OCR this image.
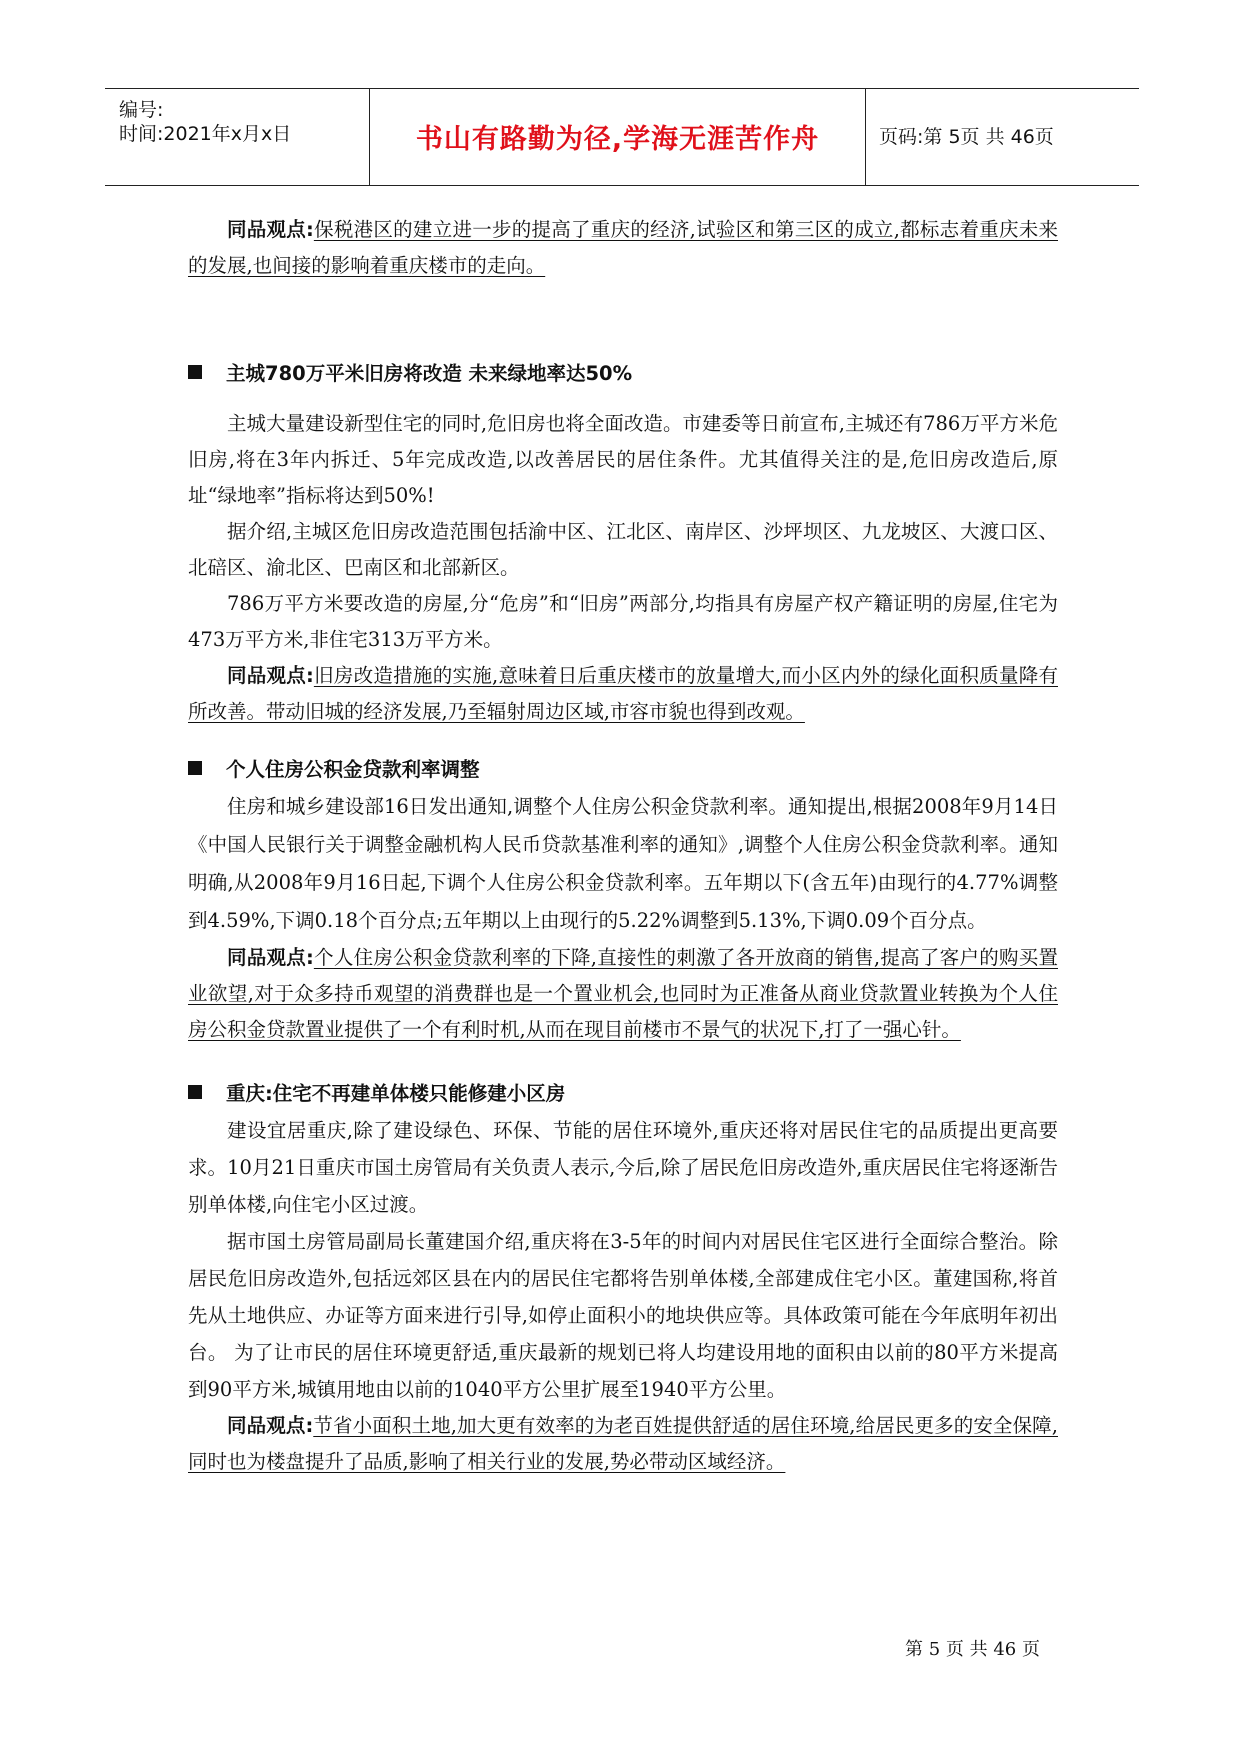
编号:
时间:2021年x月x日	书山有路勤为径,学海无涯苦作舟	页码:第 5页 共 46页

同品观点:保税港区的建立进一步的提高了重庆的经济,试验区和第三区的成立,都标志着重庆未来的发展,也间接的影响着重庆楼市的走向。

主城780万平米旧房将改造 未来绿地率达50%

主城大量建设新型住宅的同时,危旧房也将全面改造。市建委等日前宣布,主城还有786万平方米危旧房,将在3年内拆迁、5年完成改造,以改善居民的居住条件。尤其值得关注的是,危旧房改造后,原址“绿地率”指标将达到50%!

据介绍,主城区危旧房改造范围包括渝中区、江北区、南岸区、沙坪坝区、九龙坡区、大渡口区、北碚区、渝北区、巴南区和北部新区。

786万平方米要改造的房屋,分“危房”和“旧房”两部分,均指具有房屋产权产籍证明的房屋,住宅为473万平方米,非住宅313万平方米。

同品观点:旧房改造措施的实施,意味着日后重庆楼市的放量增大,而小区内外的绿化面积质量降有所改善。带动旧城的经济发展,乃至辐射周边区域,市容市貌也得到改观。

个人住房公积金贷款利率调整

住房和城乡建设部16日发出通知,调整个人住房公积金贷款利率。通知提出,根据2008年9月14日《中国人民银行关于调整金融机构人民币贷款基准利率的通知》,调整个人住房公积金贷款利率。通知明确,从2008年9月16日起,下调个人住房公积金贷款利率。五年期以下(含五年)由现行的4.77%调整到4.59%,下调0.18个百分点;五年期以上由现行的5.22%调整到5.13%,下调0.09个百分点。

同品观点:个人住房公积金贷款利率的下降,直接性的刺激了各开放商的销售,提高了客户的购买置业欲望,对于众多持币观望的消费群也是一个置业机会,也同时为正准备从商业贷款置业转换为个人住房公积金贷款置业提供了一个有利时机,从而在现目前楼市不景气的状况下,打了一强心针。

重庆:住宅不再建单体楼只能修建小区房

建设宜居重庆,除了建设绿色、环保、节能的居住环境外,重庆还将对居民住宅的品质提出更高要求。10月21日重庆市国土房管局有关负责人表示,今后,除了居民危旧房改造外,重庆居民住宅将逐渐告别单体楼,向住宅小区过渡。

据市国土房管局副局长董建国介绍,重庆将在3-5年的时间内对居民住宅区进行全面综合整治。除居民危旧房改造外,包括远郊区县在内的居民住宅都将告别单体楼,全部建成住宅小区。董建国称,将首先从土地供应、办证等方面来进行引导,如停止面积小的地块供应等。具体政策可能在今年底明年初出台。 为了让市民的居住环境更舒适,重庆最新的规划已将人均建设用地的面积由以前的80平方米提高到90平方米,城镇用地由以前的1040平方公里扩展至1940平方公里。

同品观点:节省小面积土地,加大更有效率的为老百姓提供舒适的居住环境,给居民更多的安全保障,同时也为楼盘提升了品质,影响了相关行业的发展,势必带动区域经济。

第 5 页 共 46 页
